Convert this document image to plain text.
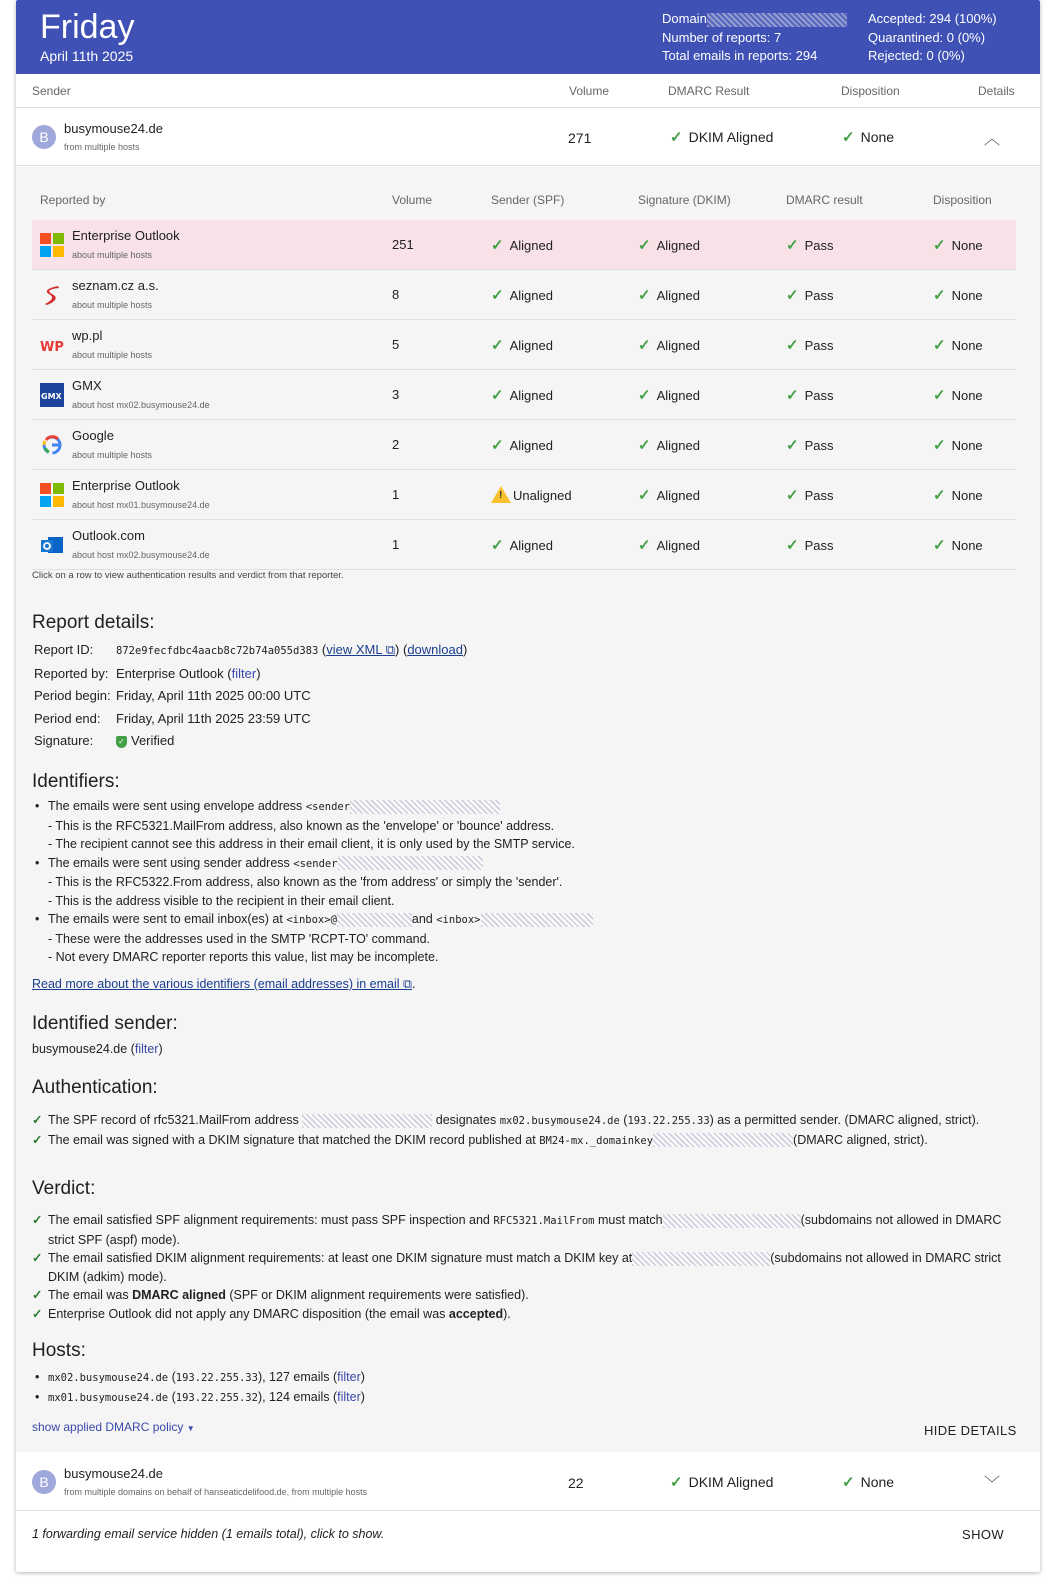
Friday
April 11th 2025
Domain
Number of reports: 7
Total emails in reports: 294
Accepted: 294 (100%)
Quarantined: 0 (0%)
Rejected: 0 (0%)
Sender	Volume	DMARC Result	Disposition	Details
B
busymouse24.de
from multiple hosts
271	✓ DKIM Aligned	✓ None	︿
Reported by	Volume	Sender (SPF)	Signature (DKIM)	DMARC result	Disposition
Enterprise Outlook
about multiple hosts
251	✓ Aligned	✓ Aligned	✓ Pass	✓ None
seznam.cz a.s.
about multiple hosts
8	✓ Aligned	✓ Aligned	✓ Pass	✓ None
WP
wp.pl
about multiple hosts
5	✓ Aligned	✓ Aligned	✓ Pass	✓ None
GMX
GMX
about host mx02.busymouse24.de
3	✓ Aligned	✓ Aligned	✓ Pass	✓ None
Google
about multiple hosts
2	✓ Aligned	✓ Aligned	✓ Pass	✓ None
Enterprise Outlook
about host mx01.busymouse24.de
1	! Unaligned	✓ Aligned	✓ Pass	✓ None
Outlook.com
about host mx02.busymouse24.de
1	✓ Aligned	✓ Aligned	✓ Pass	✓ None
Click on a row to view authentication results and verdict from that reporter.
Report details:
Report ID: 872e9fecfdbc4aacb8c72b74a055d383 (view XML ⧉) (download)
Reported by: Enterprise Outlook (filter)
Period begin: Friday, April 11th 2025 00:00 UTC
Period end: Friday, April 11th 2025 23:59 UTC
Signature:	✓ Verified
Identifiers:
• The emails were sent using envelope address <sender
- This is the RFC5321.MailFrom address, also known as the 'envelope' or 'bounce' address.
- The recipient cannot see this address in their email client, it is only used by the SMTP service.
• The emails were sent using sender address <sender
- This is the RFC5322.From address, also known as the 'from address' or simply the 'sender'.
- This is the address visible to the recipient in their email client.
• The emails were sent to email inbox(es) at <inbox>@	and <inbox>
- These were the addresses used in the SMTP 'RCPT-TO' command.
- Not every DMARC reporter reports this value, list may be incomplete.
Read more about the various identifiers (email addresses) in email ⧉.
Identified sender:
busymouse24.de (filter)
Authentication:
✓ The SPF record of rfc5321.MailFrom address	designates mx02.busymouse24.de (193.22.255.33) as a permitted sender. (DMARC aligned, strict).
✓ The email was signed with a DKIM signature that matched the DKIM record published at BM24-mx._domainkey	(DMARC aligned, strict).
Verdict:
✓ The email satisfied SPF alignment requirements: must pass SPF inspection and RFC5321.MailFrom must match	(subdomains not allowed in DMARC strict SPF (aspf) mode).
✓ The email satisfied DKIM alignment requirements: at least one DKIM signature must match a DKIM key at	(subdomains not allowed in DMARC strict DKIM (adkim) mode).
✓ The email was DMARC aligned (SPF or DKIM alignment requirements were satisfied).
✓ Enterprise Outlook did not apply any DMARC disposition (the email was accepted).
Hosts:
• mx02.busymouse24.de (193.22.255.33), 127 emails (filter)
• mx01.busymouse24.de (193.22.255.32), 124 emails (filter)
show applied DMARC policy ▼	HIDE DETAILS
B
busymouse24.de
from multiple domains on behalf of hanseaticdelifood.de, from multiple hosts
22	✓ DKIM Aligned	✓ None	﹀
1 forwarding email service hidden (1 emails total), click to show.	SHOW
